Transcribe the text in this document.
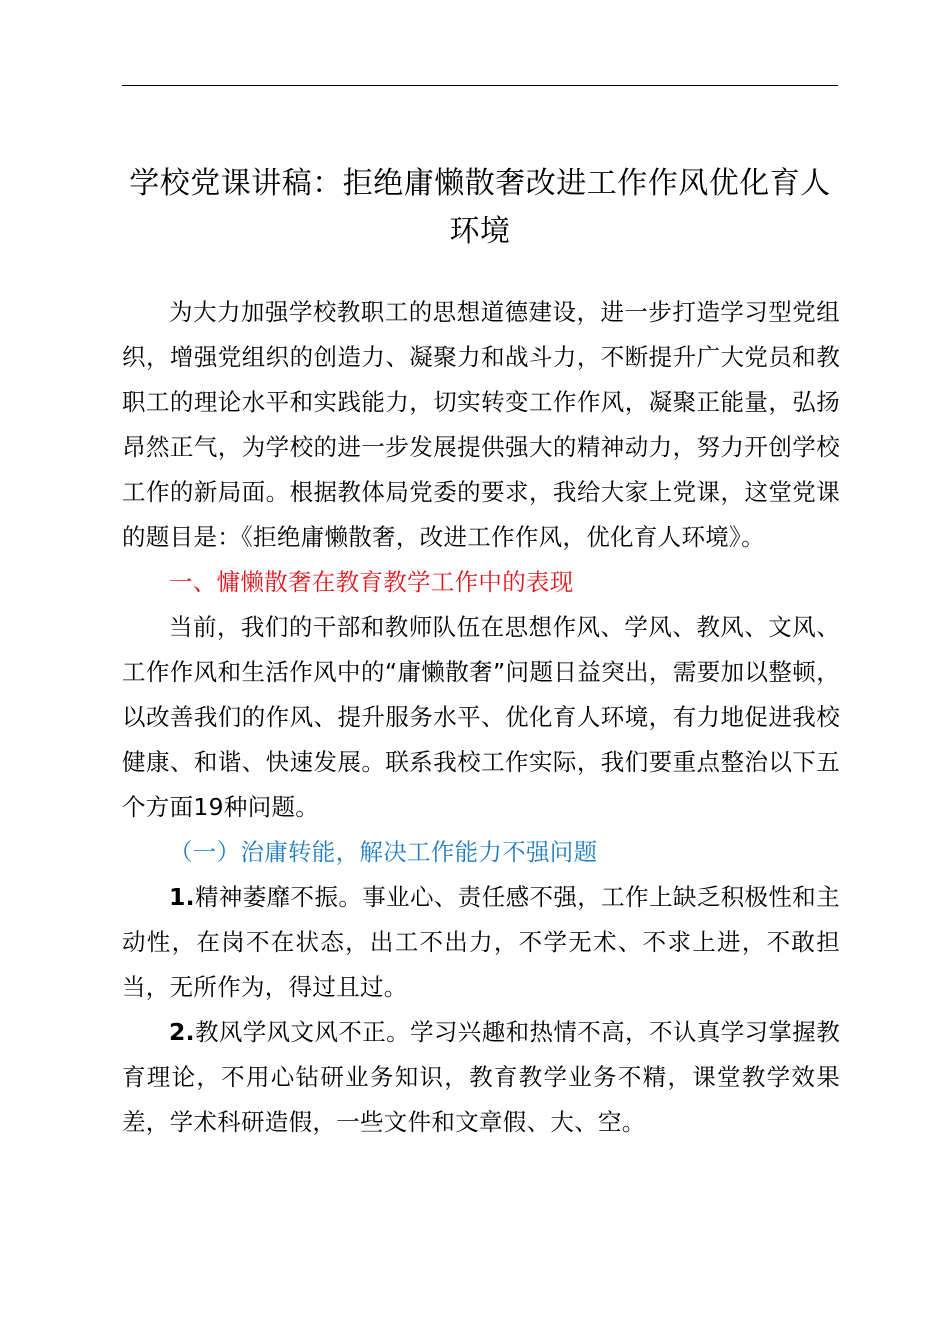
学校党课讲稿：拒绝庸懒散奢改进工作作风优化育人环境

为大力加强学校教职工的思想道德建设，进一步打造学习型党组织，增强党组织的创造力、凝聚力和战斗力，不断提升广大党员和教职工的理论水平和实践能力，切实转变工作作风，凝聚正能量，弘扬昂然正气，为学校的进一步发展提供强大的精神动力，努力开创学校工作的新局面。根据教体局党委的要求，我给大家上党课，这堂党课的题目是：《拒绝庸懒散奢，改进工作作风，优化育人环境》。

一、慵懒散奢在教育教学工作中的表现

当前，我们的干部和教师队伍在思想作风、学风、教风、文风、工作作风和生活作风中的“庸懒散奢”问题日益突出，需要加以整顿，以改善我们的作风、提升服务水平、优化育人环境，有力地促进我校健康、和谐、快速发展。联系我校工作实际，我们要重点整治以下五个方面19种问题。

（一）治庸转能，解决工作能力不强问题

1.精神萎靡不振。事业心、责任感不强，工作上缺乏积极性和主动性，在岗不在状态，出工不出力，不学无术、不求上进，不敢担当，无所作为，得过且过。

2.教风学风文风不正。学习兴趣和热情不高，不认真学习掌握教育理论，不用心钻研业务知识，教育教学业务不精，课堂教学效果差，学术科研造假，一些文件和文章假、大、空。
